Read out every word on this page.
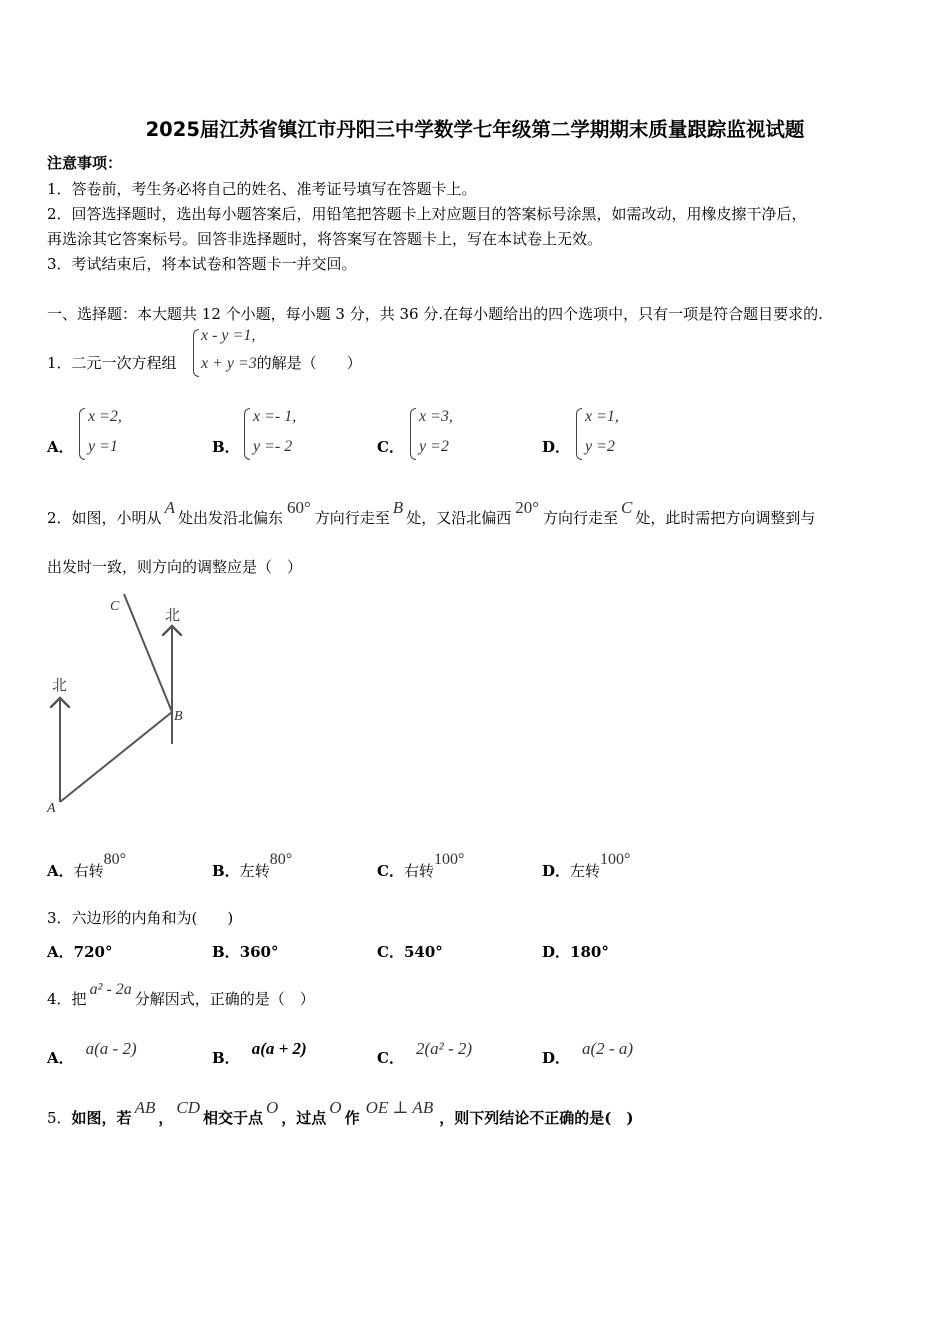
2025届江苏省镇江市丹阳三中学数学七年级第二学期期末质量跟踪监视试题
注意事项：
1．答卷前，考生务必将自己的姓名、准考证号填写在答题卡上。
2．回答选择题时，选出每小题答案后，用铅笔把答题卡上对应题目的答案标号涂黑，如需改动，用橡皮擦干净后，
再选涂其它答案标号。回答非选择题时，将答案写在答题卡上，写在本试卷上无效。
3．考试结束后，将本试卷和答题卡一并交回。
一、选择题：本大题共 12 个小题，每小题 3 分，共 36 分.在每小题给出的四个选项中，只有一项是符合题目要求的.
1．二元一次方程组	的解是（　　）
x - y =1,
x + y =3
A．
x =2,
y =1	B．
x =- 1,
y =- 2	C．
x =3,
y =2	D．
x =1,
y =2
2．如图，小明从A处出发沿北偏东60°方向行走至B处，又沿北偏西20°方向行走至C处，此时需把方向调整到与
出发时一致，则方向的调整应是（　）
北
北
A
B
C
A．右转80°
B．左转80°
C．右转100°
D．左转100°
3．六边形的内角和为(　　)
A．720°	B．360°	C．540°	D．180°
4．把a² - 2a分解因式，正确的是（　）
A． a(a - 2)	B． a(a + 2)	C． 2(a² - 2)	D． a(2 - a)
5．如图，若AB，CD相交于点O，过点O作OE ⊥ AB，则下列结论不正确的是(　)
